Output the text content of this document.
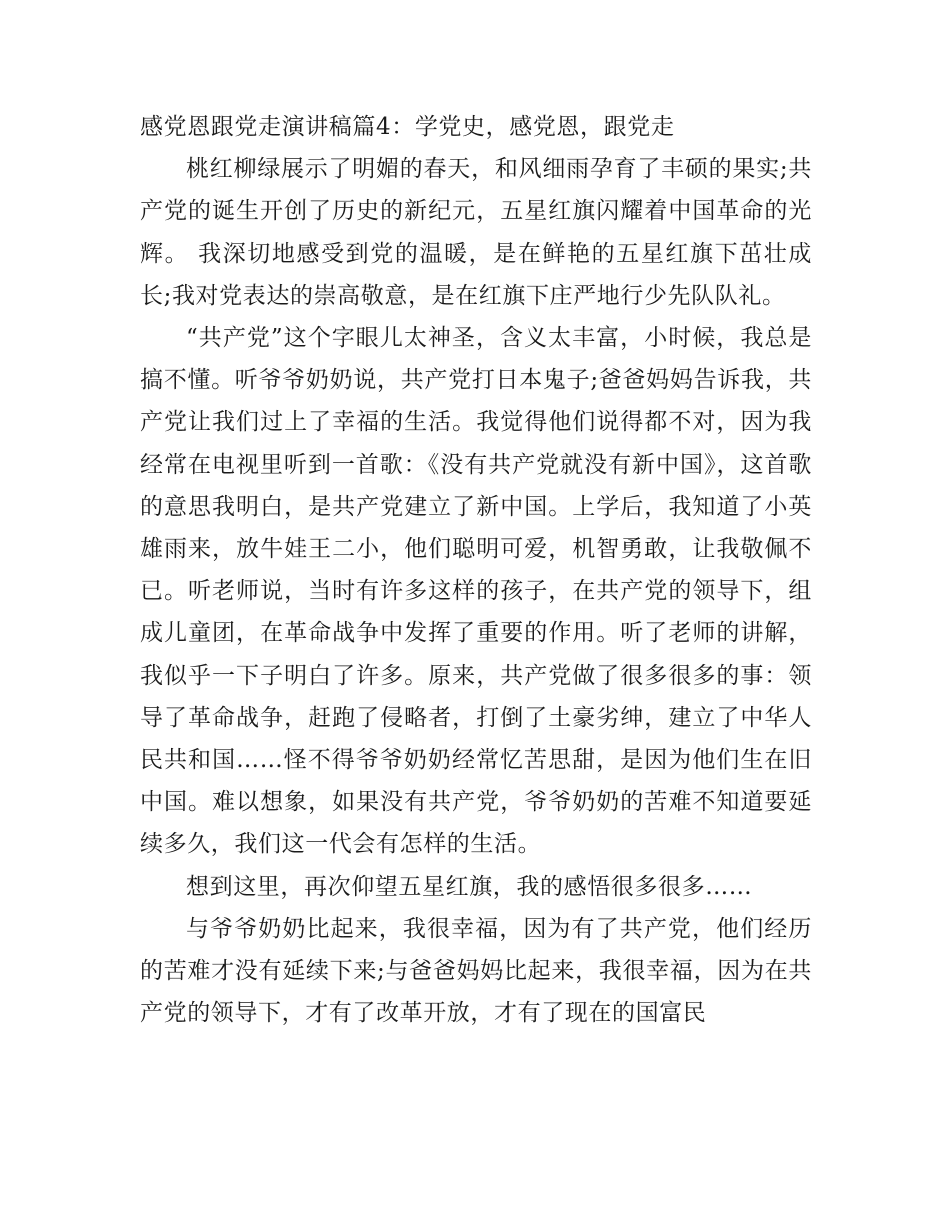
感党恩跟党走演讲稿篇4：学党史，感党恩，跟党走

桃红柳绿展示了明媚的春天，和风细雨孕育了丰硕的果实;共产党的诞生开创了历史的新纪元，五星红旗闪耀着中国革命的光辉。 我深切地感受到党的温暖，是在鲜艳的五星红旗下茁壮成长;我对党表达的崇高敬意，是在红旗下庄严地行少先队队礼。

“共产党”这个字眼儿太神圣，含义太丰富，小时候，我总是搞不懂。听爷爷奶奶说，共产党打日本鬼子;爸爸妈妈告诉我，共产党让我们过上了幸福的生活。我觉得他们说得都不对，因为我经常在电视里听到一首歌：《没有共产党就没有新中国》，这首歌的意思我明白，是共产党建立了新中国。上学后，我知道了小英雄雨来，放牛娃王二小，他们聪明可爱，机智勇敢，让我敬佩不已。听老师说，当时有许多这样的孩子，在共产党的领导下，组成儿童团，在革命战争中发挥了重要的作用。听了老师的讲解，我似乎一下子明白了许多。原来，共产党做了很多很多的事：领导了革命战争，赶跑了侵略者，打倒了土豪劣绅，建立了中华人民共和国……怪不得爷爷奶奶经常忆苦思甜，是因为他们生在旧中国。难以想象，如果没有共产党，爷爷奶奶的苦难不知道要延续多久，我们这一代会有怎样的生活。

想到这里，再次仰望五星红旗，我的感悟很多很多……

与爷爷奶奶比起来，我很幸福，因为有了共产党，他们经历的苦难才没有延续下来;与爸爸妈妈比起来，我很幸福，因为在共产党的领导下，才有了改革开放，才有了现在的国富民
